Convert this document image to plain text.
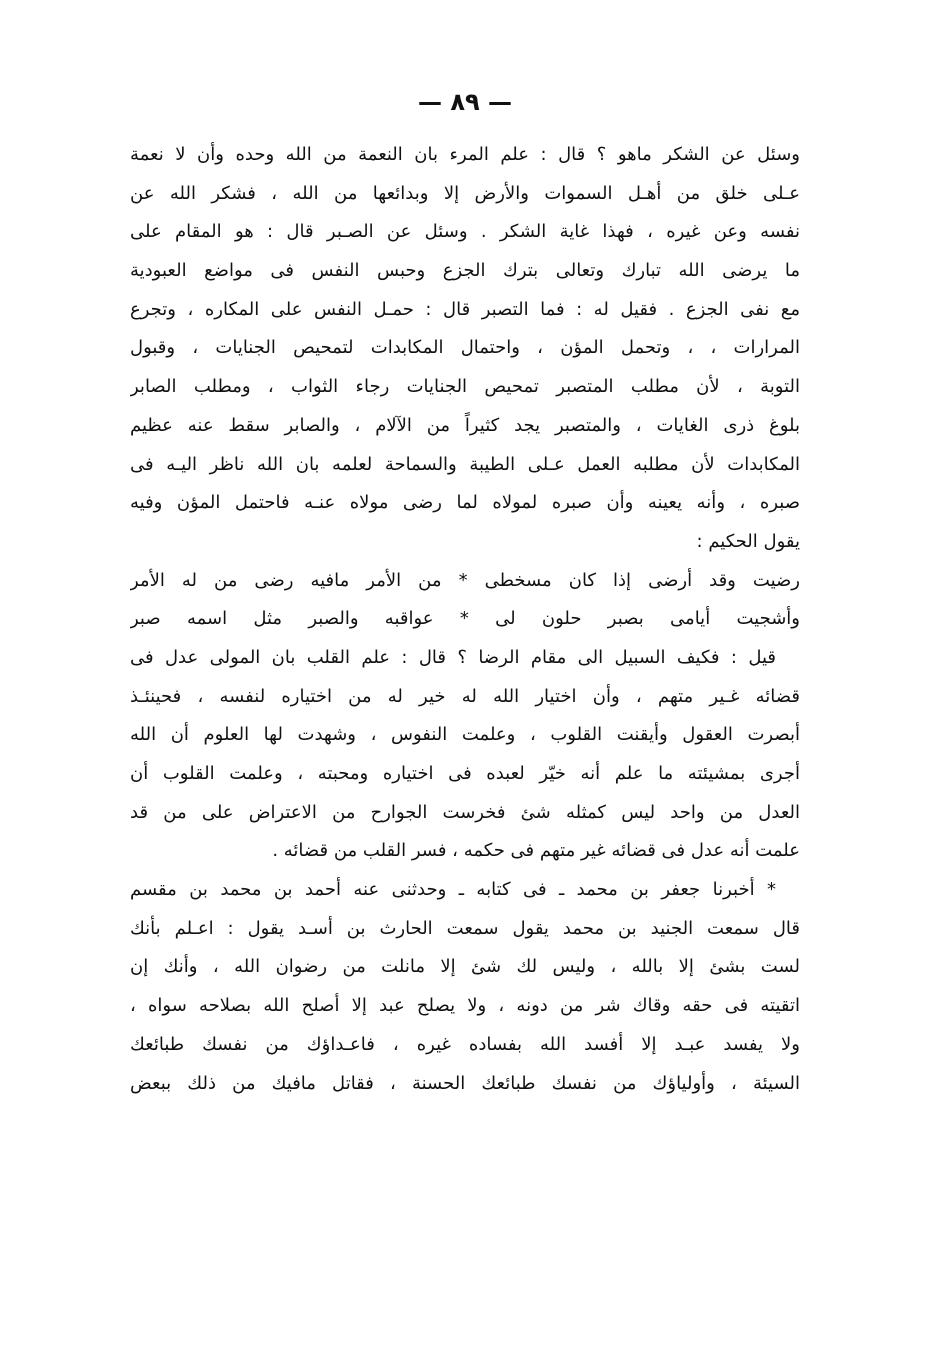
— ٨٩ —
وسئل عن الشكر ماهو ؟ قال : علم المرء بان النعمة من الله وحده وأن لا نعمة
عـلى خلق من أهـل السموات والأرض إلا وبدائعها من الله ، فشكر الله عن
نفسه وعن غيره ، فهذا غاية الشكر . وسئل عن الصـبر قال : هو المقام على
ما يرضى الله تبارك وتعالى بترك الجزع وحبس النفس فى مواضع العبودية
مع نفى الجزع . فقيل له : فما التصبر قال : حمـل النفس على المكاره ، وتجرع
المرارات ، ، وتحمل المؤن ، واحتمال المكابدات لتمحيص الجنايات ، وقبول
التوبة ، لأن مطلب المتصبر تمحيص الجنايات رجاء الثواب ، ومطلب الصابر
بلوغ ذرى الغايات ، والمتصبر يجد كثيراً من الآلام ، والصابر سقط عنه عظيم
المكابدات لأن مطلبه العمل عـلى الطيبة والسماحة لعلمه بان الله ناظر اليـه فى
صبره ، وأنه يعينه وأن صبره لمولاه لما رضى مولاه عنـه فاحتمل المؤن وفيه
يقول الحكيم :
رضيت وقد أرضى إذا كان مسخطى * من الأمر مافيه رضى من له الأمر
وأشجيت أيامى بصبر حلون لى * عواقبه والصبر مثل اسمه صبر
قيل : فكيف السبيل الى مقام الرضا ؟ قال : علم القلب بان المولى عدل فى
قضائه غـير متهم ، وأن اختيار الله له خير له من اختياره لنفسه ، فحينئـذ
أبصرت العقول وأيقنت القلوب ، وعلمت النفوس ، وشهدت لها العلوم أن الله
أجرى بمشيئته ما علم أنه خيّر لعبده فى اختياره ومحبته ، وعلمت القلوب أن
العدل من واحد ليس كمثله شئ فخرست الجوارح من الاعتراض على من قد
علمت أنه عدل فى قضائه غير متهم فى حكمه ، فسر القلب من قضائه .
* أخبرنا جعفر بن محمد ـ فى كتابه ـ وحدثنى عنه أحمد بن محمد بن مقسم
قال سمعت الجنيد بن محمد يقول سمعت الحارث بن أسـد يقول : اعـلم بأنك
لست بشئ إلا بالله ، وليس لك شئ إلا مانلت من رضوان الله ، وأنك إن
اتقيته فى حقه وقاك شر من دونه ، ولا يصلح عبد إلا أصلح الله بصلاحه سواه ،
ولا يفسد عبـد إلا أفسد الله بفساده غيره ، فاعـداؤك من نفسك طبائعك
السيئة ، وأولياؤك من نفسك طبائعك الحسنة ، فقاتل مافيك من ذلك ببعض
